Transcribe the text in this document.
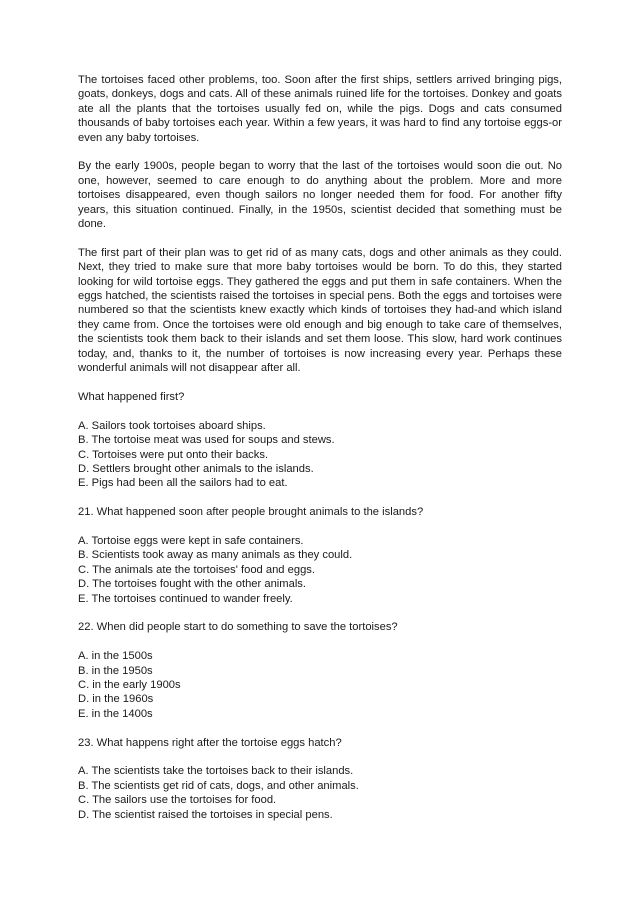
The tortoises faced other problems, too. Soon after the first ships, settlers arrived bringing pigs, goats, donkeys, dogs and cats. All of these animals ruined life for the tortoises. Donkey and goats ate all the plants that the tortoises usually fed on, while the pigs. Dogs and cats consumed thousands of baby tortoises each year. Within a few years, it was hard to find any tortoise eggs-or even any baby tortoises.

By the early 1900s, people began to worry that the last of the tortoises would soon die out. No one, however, seemed to care enough to do anything about the problem. More and more tortoises disappeared, even though sailors no longer needed them for food. For another fifty years, this situation continued. Finally, in the 1950s, scientist decided that something must be done.

The first part of their plan was to get rid of as many cats, dogs and other animals as they could. Next, they tried to make sure that more baby tortoises would be born. To do this, they started looking for wild tortoise eggs. They gathered the eggs and put them in safe containers. When the eggs hatched, the scientists raised the tortoises in special pens. Both the eggs and tortoises were numbered so that the scientists knew exactly which kinds of tortoises they had-and which island they came from. Once the tortoises were old enough and big enough to take care of themselves, the scientists took them back to their islands and set them loose. This slow, hard work continues today, and, thanks to it, the number of tortoises is now increasing every year. Perhaps these wonderful animals will not disappear after all.

What happened first?

A. Sailors took tortoises aboard ships.
B. The tortoise meat was used for soups and stews.
C. Tortoises were put onto their backs.
D. Settlers brought other animals to the islands.
E. Pigs had been all the sailors had to eat.

21. What happened soon after people brought animals to the islands?

A. Tortoise eggs were kept in safe containers.
B. Scientists took away as many animals as they could.
C. The animals ate the tortoises' food and eggs.
D. The tortoises fought with the other animals.
E. The tortoises continued to wander freely.

22. When did people start to do something to save the tortoises?

A. in the 1500s
B. in the 1950s
C. in the early 1900s
D. in the 1960s
E. in the 1400s

23. What happens right after the tortoise eggs hatch?

A. The scientists take the tortoises back to their islands.
B. The scientists get rid of cats, dogs, and other animals.
C. The sailors use the tortoises for food.
D. The scientist raised the tortoises in special pens.
